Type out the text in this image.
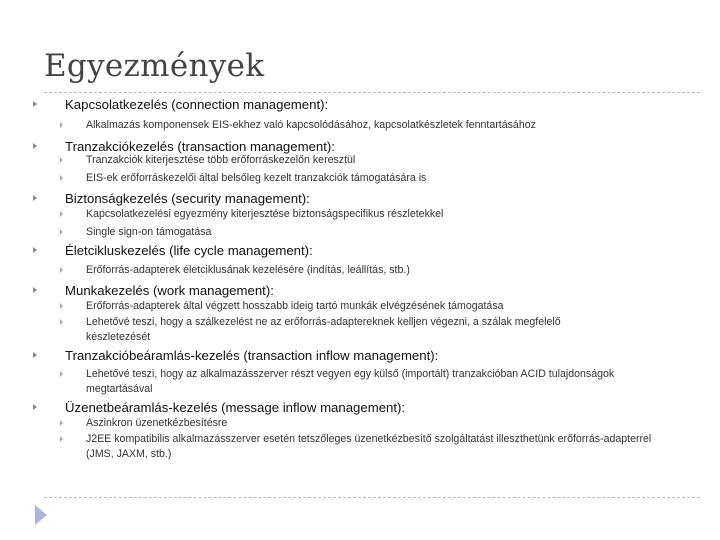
Egyezmények
Kapcsolatkezelés (connection management):
Alkalmazás komponensek EIS-ekhez való kapcsolódásához, kapcsolatkészletek fenntartásához
Tranzakciókezelés (transaction management):
Tranzakciók kiterjesztése több erőforráskezelőn keresztül
EIS-ek erőforráskezelői által belsőleg kezelt tranzakciók támogatására is
Biztonságkezelés (security management):
Kapcsolatkezelési egyezmény kiterjesztése biztonságspecifikus részletekkel
Single sign-on támogatása
Életcikluskezelés (life cycle management):
Erőforrás-adapterek életciklusának kezelésére (indítás, leállítás, stb.)
Munkakezelés (work management):
Erőforrás-adapterek által végzett hosszabb ideig tartó munkák elvégzésének támogatása
Lehetővé teszi, hogy a szálkezelést ne az erőforrás-adaptereknek kelljen végezni, a szálak megfelelő készletezését
Tranzakcióbeáramlás-kezelés (transaction inflow management):
Lehetővé teszi, hogy az alkalmazásszerver részt vegyen egy külső (importált) tranzakcióban ACID tulajdonságok megtartásával
Üzenetbeáramlás-kezelés (message inflow management):
Aszinkron üzenetkézbesítésre
J2EE kompatibilis alkalmazásszerver esetén tetszőleges üzenetkézbesítő szolgáltatást illeszthetünk erőforrás-adapterrel (JMS, JAXM, stb.)
